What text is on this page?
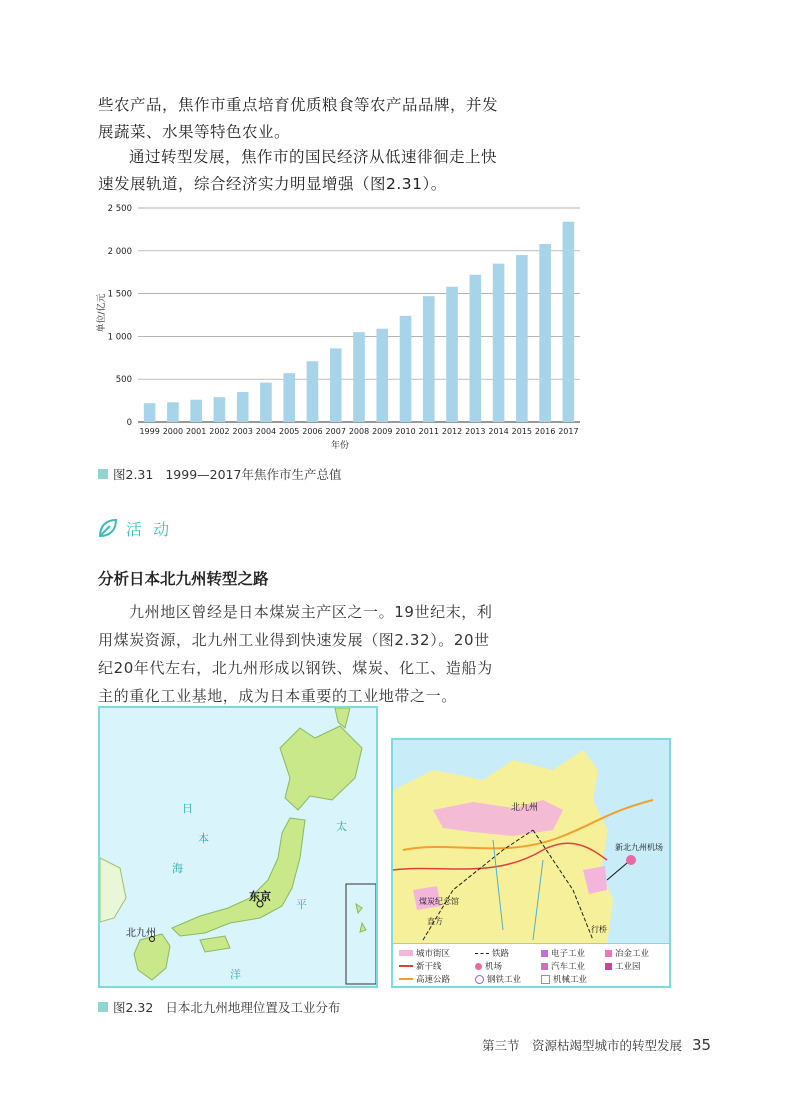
些农产品，焦作市重点培育优质粮食等农产品品牌，并发
展蔬菜、水果等特色农业。
通过转型发展，焦作市的国民经济从低速徘徊走上快
速发展轨道，综合经济实力明显增强（图2.31）。
0
500
1 000
1 500
2 000
2 500
1999 2000 2001 2002 2003 2004 2005 2006 2007 2008 2009 2010 2011 2012 2013 2014 2015 2016 2017
单位/亿元
年份
图2.31 1999—2017年焦作市生产总值
活 动
分析日本北九州转型之路
九州地区曾经是日本煤炭主产区之一。19世纪末，利
用煤炭资源，北九州工业得到快速发展（图2.32）。20世
纪20年代左右，北九州形成以钢铁、煤炭、化工、造船为
主的重化工业基地，成为日本重要的工业地带之一。
东京
北九州
日
本
海
太
平
洋
北九州
新北九州机场
煤炭纪念馆
直方
行桥
城市街区
新干线
高速公路
铁路
机场
钢铁工业
电子工业
汽车工业
机械工业
冶金工业
工业园
图2.32 日本北九州地理位置及工业分布
第三节　资源枯竭型城市的转型发展 35
